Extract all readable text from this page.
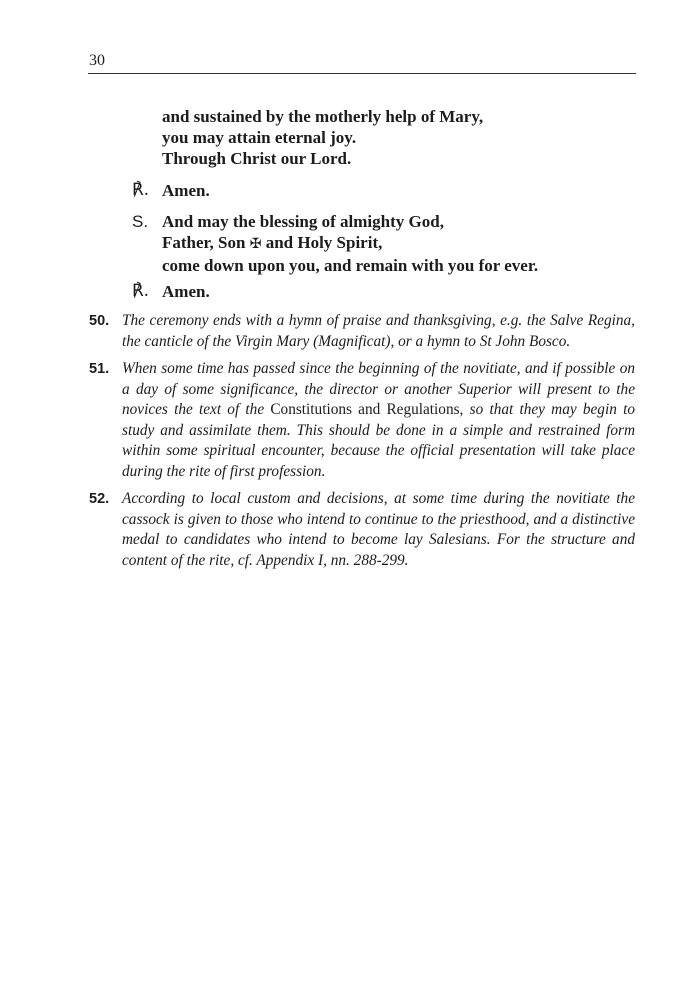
30
and sustained by the motherly help of Mary,
you may attain eternal joy.
Through Christ our Lord.
℟. Amen.
S. And may the blessing of almighty God,
Father, Son ✠ and Holy Spirit,
come down upon you, and remain with you for ever.
℟. Amen.
50. The ceremony ends with a hymn of praise and thanksgiving, e.g. the Salve Regina, the canticle of the Virgin Mary (Magnificat), or a hymn to St John Bosco.
51. When some time has passed since the beginning of the novitiate, and if possible on a day of some significance, the director or another Superior will present to the novices the text of the Constitutions and Regulations, so that they may begin to study and assimilate them. This should be done in a simple and restrained form within some spiritual encounter, because the official presentation will take place during the rite of first profession.
52. According to local custom and decisions, at some time during the novitiate the cassock is given to those who intend to continue to the priesthood, and a distinctive medal to candidates who intend to become lay Salesians. For the structure and content of the rite, cf. Appendix I, nn. 288-299.
